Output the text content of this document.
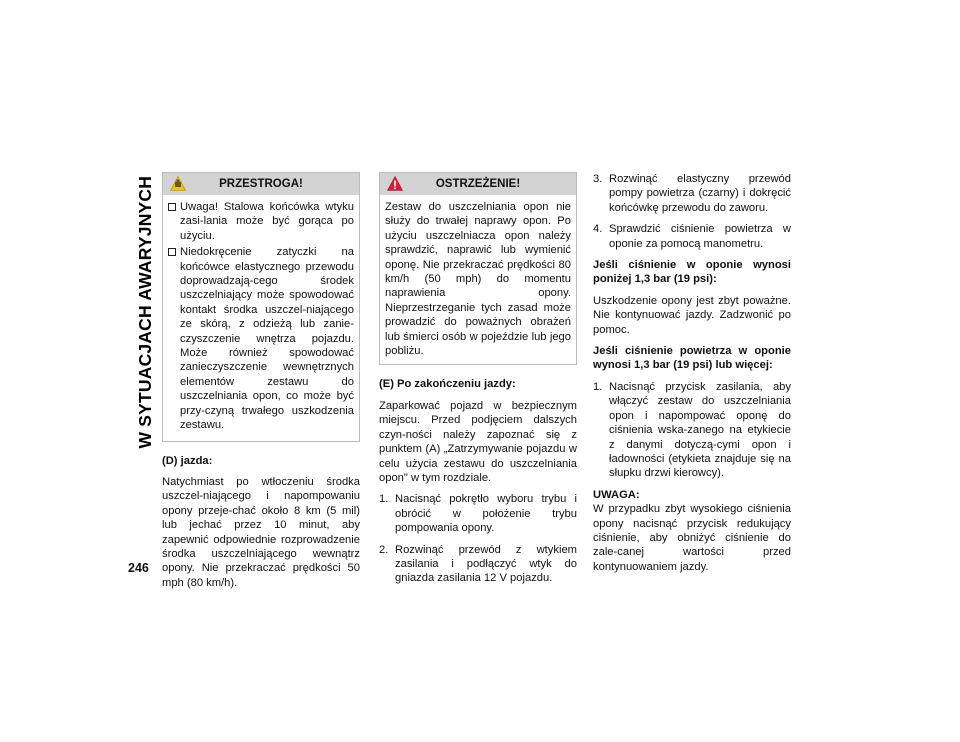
W SYTUACJACH AWARYJNYCH
246
PRZESTROGA!
Uwaga! Stalowa końcówka wtyku zasi-lania może być gorąca po użyciu.
Niedokręcenie zatyczki na końcówce elastycznego przewodu doprowadzają-cego środek uszczelniający może spowodować kontakt środka uszczel-niającego ze skórą, z odzieżą lub zanie-czyszczenie wnętrza pojazdu. Może również spowodować zanieczyszczenie wewnętrznych elementów zestawu do uszczelniania opon, co może być przy-czyną trwałego uszkodzenia zestawu.

(D) jazda:

Natychmiast po wtłoczeniu środka uszczel-niającego i napompowaniu opony przeje-chać około 8 km (5 mil) lub jechać przez 10 minut, aby zapewnić odpowiednie rozprowadzenie środka uszczelniającego wewnątrz opony. Nie przekraczać prędkości 50 mph (80 km/h).

OSTRZEŻENIE!

Zestaw do uszczelniania opon nie służy do trwałej naprawy opon. Po użyciu uszczelniacza opon należy sprawdzić, naprawić lub wymienić oponę. Nie przekraczać prędkości 80 km/h (50 mph) do momentu naprawienia opony. Nieprzestrzeganie tych zasad może prowadzić do poważnych obrażeń lub śmierci osób w pojeździe lub jego pobliżu.

(E) Po zakończeniu jazdy:

Zaparkować pojazd w bezpiecznym miejscu. Przed podjęciem dalszych czyn-ności należy zapoznać się z punktem (A) „Zatrzymywanie pojazdu w celu użycia zestawu do uszczelniania opon" w tym rozdziale.

1. Nacisnąć pokrętło wyboru trybu i obrócić w położenie trybu pompowania opony.
2. Rozwinąć przewód z wtykiem zasilania i podłączyć wtyk do gniazda zasilania 12 V pojazdu.
3. Rozwinąć elastyczny przewód pompy powietrza (czarny) i dokręcić końcówkę przewodu do zaworu.
4. Sprawdzić ciśnienie powietrza w oponie za pomocą manometru.

Jeśli ciśnienie w oponie wynosi poniżej 1,3 bar (19 psi):

Uszkodzenie opony jest zbyt poważne. Nie kontynuować jazdy. Zadzwonić po pomoc.

Jeśli ciśnienie powietrza w oponie wynosi 1,3 bar (19 psi) lub więcej:

1. Nacisnąć przycisk zasilania, aby włączyć zestaw do uszczelniania opon i napompować oponę do ciśnienia wska-zanego na etykiecie z danymi dotyczą-cymi opon i ładowności (etykieta znajduje się na słupku drzwi kierowcy).

UWAGA:

W przypadku zbyt wysokiego ciśnienia opony nacisnąć przycisk redukujący ciśnienie, aby obniżyć ciśnienie do zale-canej wartości przed kontynuowaniem jazdy.
